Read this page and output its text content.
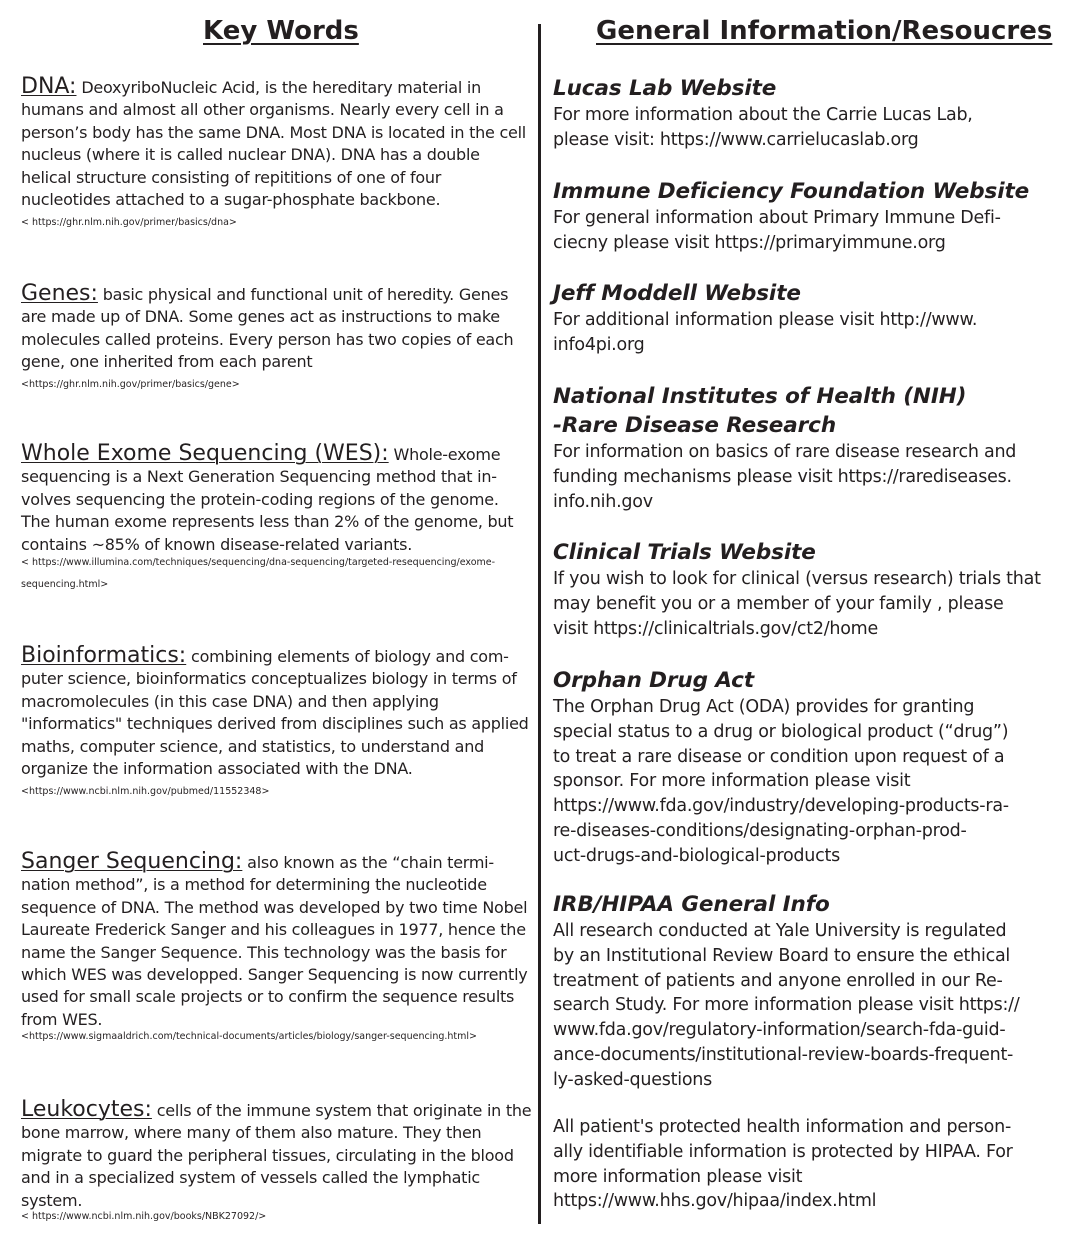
Key Words

DNA: DeoxyriboNucleic Acid, is the hereditary material in humans and almost all other organisms. Nearly every cell in a person’s body has the same DNA. Most DNA is located in the cell nucleus (where it is called nuclear DNA). DNA has a double helical structure consisting of repititions of one of four nucleotides attached to a sugar-phosphate backbone.

< https://ghr.nlm.nih.gov/primer/basics/dna>

Genes: basic physical and functional unit of heredity. Genes are made up of DNA. Some genes act as instructions to make molecules called proteins. Every person has two copies of each gene, one inherited from each parent

<https://ghr.nlm.nih.gov/primer/basics/gene>

Whole Exome Sequencing (WES): Whole-exome sequencing is a Next Generation Sequencing method that involves sequencing the protein-coding regions of the genome. The human exome represents less than 2% of the genome, but contains ~85% of known disease-related variants.

< https://www.illumina.com/techniques/sequencing/dna-sequencing/targeted-resequencing/exome-sequencing.html>

Bioinformatics: combining elements of biology and computer science, bioinformatics conceptualizes biology in terms of macromolecules (in this case DNA) and then applying "informatics" techniques derived from disciplines such as applied maths, computer science, and statistics, to understand and organize the information associated with the DNA.

<https://www.ncbi.nlm.nih.gov/pubmed/11552348>

Sanger Sequencing: also known as the “chain termination method”, is a method for determining the nucleotide sequence of DNA. The method was developed by two time Nobel Laureate Frederick Sanger and his colleagues in 1977, hence the name the Sanger Sequence. This technology was the basis for which WES was developped. Sanger Sequencing is now currently used for small scale projects or to confirm the sequence results from WES.

<https://www.sigmaaldrich.com/technical-documents/articles/biology/sanger-sequencing.html>

Leukocytes: cells of the immune system that originate in the bone marrow, where many of them also mature. They then migrate to guard the peripheral tissues, circulating in the blood and in a specialized system of vessels called the lymphatic system.

< https://www.ncbi.nlm.nih.gov/books/NBK27092/>
General Information/Resoucres
Lucas Lab Website

For more information about the Carrie Lucas Lab,
please visit: https://www.carrielucaslab.org

Immune Deficiency Foundation Website

For general information about Primary Immune Defi-
ciecny please visit https://primaryimmune.org

Jeff Moddell Website

For additional information please visit http://www.
info4pi.org

National Institutes of Health (NIH)
-Rare Disease Research

For information on basics of rare disease research and
funding mechanisms please visit https://rarediseases.
info.nih.gov

Clinical Trials Website

If you wish to look for clinical (versus research) trials that
may benefit you or a member of your family , please
visit https://clinicaltrials.gov/ct2/home

Orphan Drug Act

The Orphan Drug Act (ODA) provides for granting
special status to a drug or biological product (“drug”)
to treat a rare disease or condition upon request of a
sponsor. For more information please visit
https://www.fda.gov/industry/developing-products-ra-
re-diseases-conditions/designating-orphan-prod-
uct-drugs-and-biological-products

IRB/HIPAA General Info

All research conducted at Yale University is regulated
by an Institutional Review Board to ensure the ethical
treatment of patients and anyone enrolled in our Re-
search Study. For more information please visit https://
www.fda.gov/regulatory-information/search-fda-guid-
ance-documents/institutional-review-boards-frequent-
ly-asked-questions

All patient's protected health information and person-
ally identifiable information is protected by HIPAA. For
more information please visit
https://www.hhs.gov/hipaa/index.html
